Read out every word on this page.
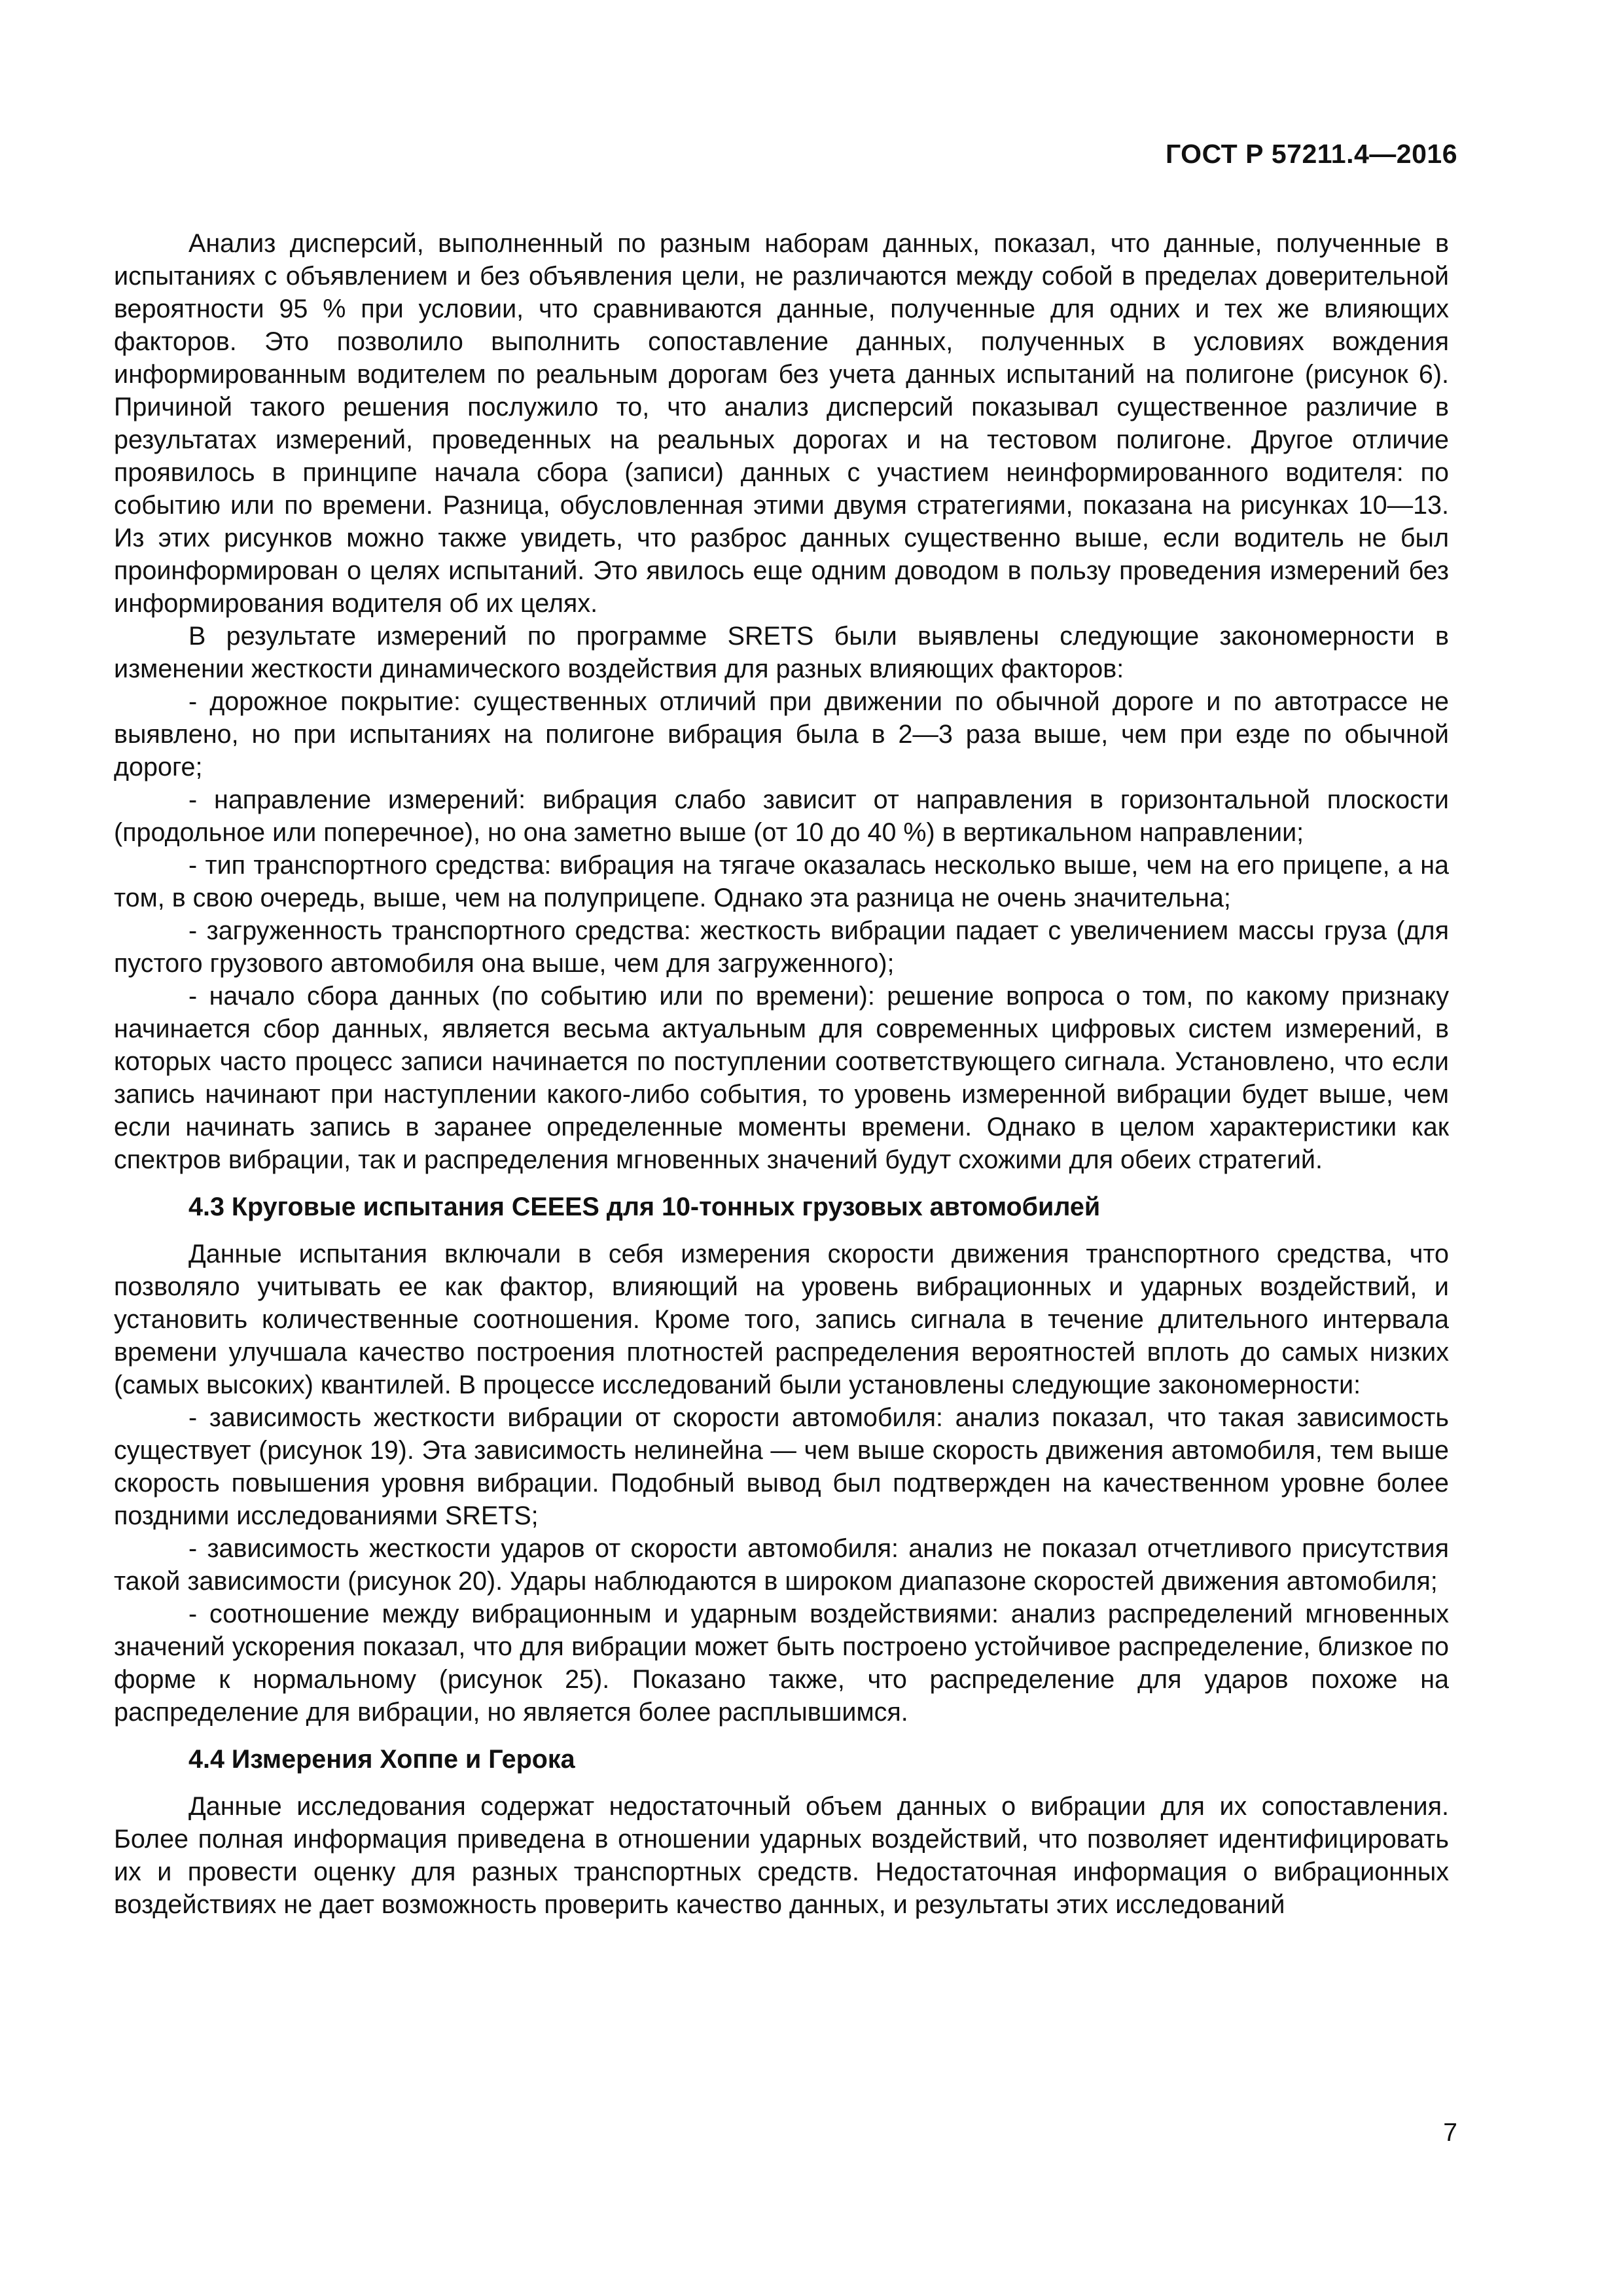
ГОСТ Р 57211.4—2016

Анализ дисперсий, выполненный по разным наборам данных, показал, что данные, полученные в испытаниях с объявлением и без объявления цели, не различаются между собой в пределах доверительной вероятности 95 % при условии, что сравниваются данные, полученные для одних и тех же влияющих факторов. Это позволило выполнить сопоставление данных, полученных в условиях вождения информированным водителем по реальным дорогам без учета данных испытаний на полигоне (рисунок 6). Причиной такого решения послужило то, что анализ дисперсий показывал существенное различие в результатах измерений, проведенных на реальных дорогах и на тестовом полигоне. Другое отличие проявилось в принципе начала сбора (записи) данных с участием неинформированного водителя: по событию или по времени. Разница, обусловленная этими двумя стратегиями, показана на рисунках 10—13. Из этих рисунков можно также увидеть, что разброс данных существенно выше, если водитель не был проинформирован о целях испытаний. Это явилось еще одним доводом в пользу проведения измерений без информирования водителя об их целях.

В результате измерений по программе SRETS были выявлены следующие закономерности в изменении жесткости динамического воздействия для разных влияющих факторов:

- дорожное покрытие: существенных отличий при движении по обычной дороге и по автотрассе не выявлено, но при испытаниях на полигоне вибрация была в 2—3 раза выше, чем при езде по обычной дороге;

- направление измерений: вибрация слабо зависит от направления в горизонтальной плоскости (продольное или поперечное), но она заметно выше (от 10 до 40 %) в вертикальном направлении;

- тип транспортного средства: вибрация на тягаче оказалась несколько выше, чем на его прицепе, а на том, в свою очередь, выше, чем на полуприцепе. Однако эта разница не очень значительна;

- загруженность транспортного средства: жесткость вибрации падает с увеличением массы груза (для пустого грузового автомобиля она выше, чем для загруженного);

- начало сбора данных (по событию или по времени): решение вопроса о том, по какому признаку начинается сбор данных, является весьма актуальным для современных цифровых систем измерений, в которых часто процесс записи начинается по поступлении соответствующего сигнала. Установлено, что если запись начинают при наступлении какого-либо события, то уровень измеренной вибрации будет выше, чем если начинать запись в заранее определенные моменты времени. Однако в целом характеристики как спектров вибрации, так и распределения мгновенных значений будут схожими для обеих стратегий.

4.3 Круговые испытания CEEES для 10-тонных грузовых автомобилей

Данные испытания включали в себя измерения скорости движения транспортного средства, что позволяло учитывать ее как фактор, влияющий на уровень вибрационных и ударных воздействий, и установить количественные соотношения. Кроме того, запись сигнала в течение длительного интервала времени улучшала качество построения плотностей распределения вероятностей вплоть до самых низких (самых высоких) квантилей. В процессе исследований были установлены следующие закономерности:

- зависимость жесткости вибрации от скорости автомобиля: анализ показал, что такая зависимость существует (рисунок 19). Эта зависимость нелинейна — чем выше скорость движения автомобиля, тем выше скорость повышения уровня вибрации. Подобный вывод был подтвержден на качественном уровне более поздними исследованиями SRETS;

- зависимость жесткости ударов от скорости автомобиля: анализ не показал отчетливого присутствия такой зависимости (рисунок 20). Удары наблюдаются в широком диапазоне скоростей движения автомобиля;

- соотношение между вибрационным и ударным воздействиями: анализ распределений мгновенных значений ускорения показал, что для вибрации может быть построено устойчивое распределение, близкое по форме к нормальному (рисунок 25). Показано также, что распределение для ударов похоже на распределение для вибрации, но является более расплывшимся.

4.4 Измерения Хоппе и Герока

Данные исследования содержат недостаточный объем данных о вибрации для их сопоставления. Более полная информация приведена в отношении ударных воздействий, что позволяет идентифицировать их и провести оценку для разных транспортных средств. Недостаточная информация о вибрационных воздействиях не дает возможность проверить качество данных, и результаты этих исследований

7
